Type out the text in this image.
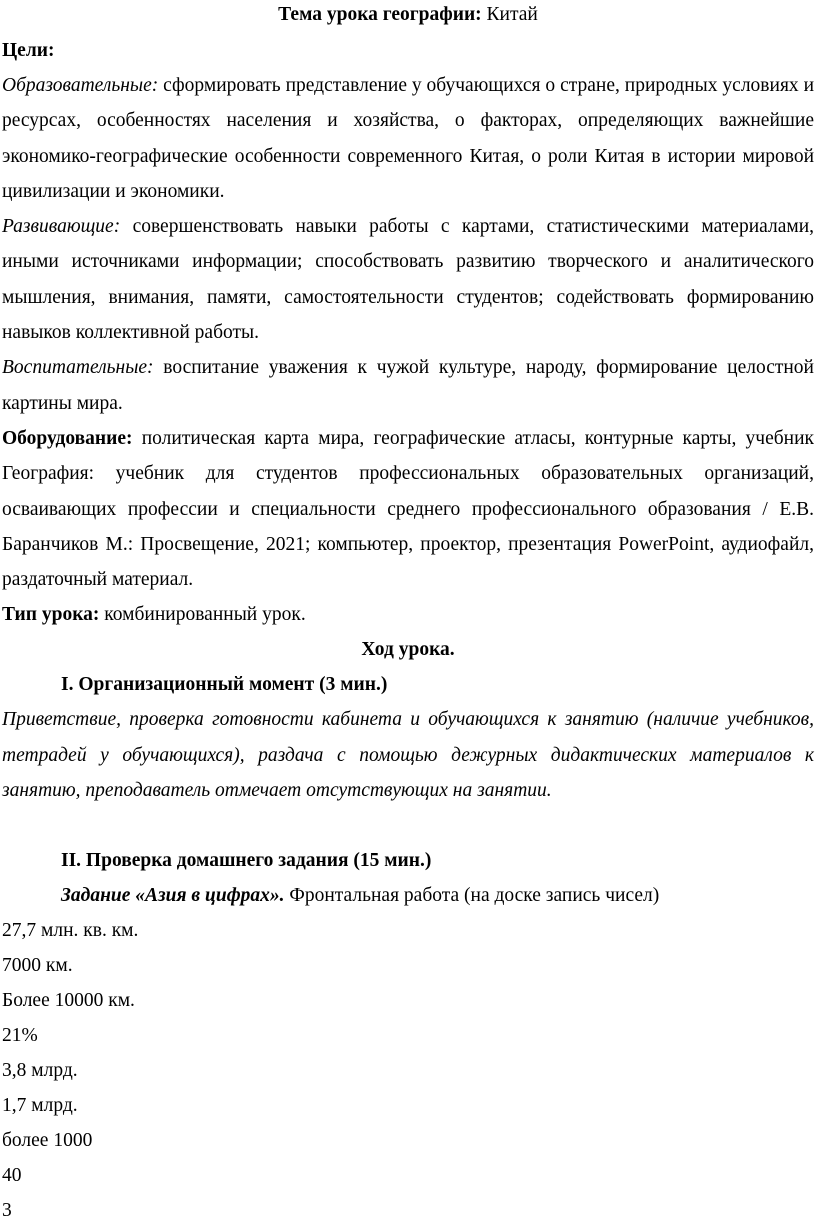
Тема урока географии: Китай

Цели:

Образовательные: сформировать представление у обучающихся о стране, природных условиях и ресурсах, особенностях населения и хозяйства, о факторах, определяющих важнейшие экономико-географические особенности современного Китая, о роли Китая в истории мировой цивилизации и экономики.

Развивающие: совершенствовать навыки работы с картами, статистическими материалами, иными источниками информации; способствовать развитию творческого и аналитического мышления, внимания, памяти, самостоятельности студентов; содействовать формированию навыков коллективной работы.

Воспитательные: воспитание уважения к чужой культуре, народу, формирование целостной картины мира.

Оборудование: политическая карта мира, географические атласы, контурные карты, учебник География: учебник для студентов профессиональных образовательных организаций, осваивающих профессии и специальности среднего профессионального образования / Е.В. Баранчиков М.: Просвещение, 2021; компьютер, проектор, презентация PowerPoint, аудиофайл, раздаточный материал.

Тип урока: комбинированный урок.

Ход урока.

I. Организационный момент (3 мин.)

Приветствие, проверка готовности кабинета и обучающихся к занятию (наличие учебников, тетрадей у обучающихся), раздача с помощью дежурных дидактических материалов к занятию, преподаватель отмечает отсутствующих на занятии.

II. Проверка домашнего задания (15 мин.)

Задание «Азия в цифрах». Фронтальная работа (на доске запись чисел)

27,7 млн. кв. км.

7000 км.

Более 10000 км.

21%

3,8 млрд.

1,7 млрд.

более 1000

40

3
